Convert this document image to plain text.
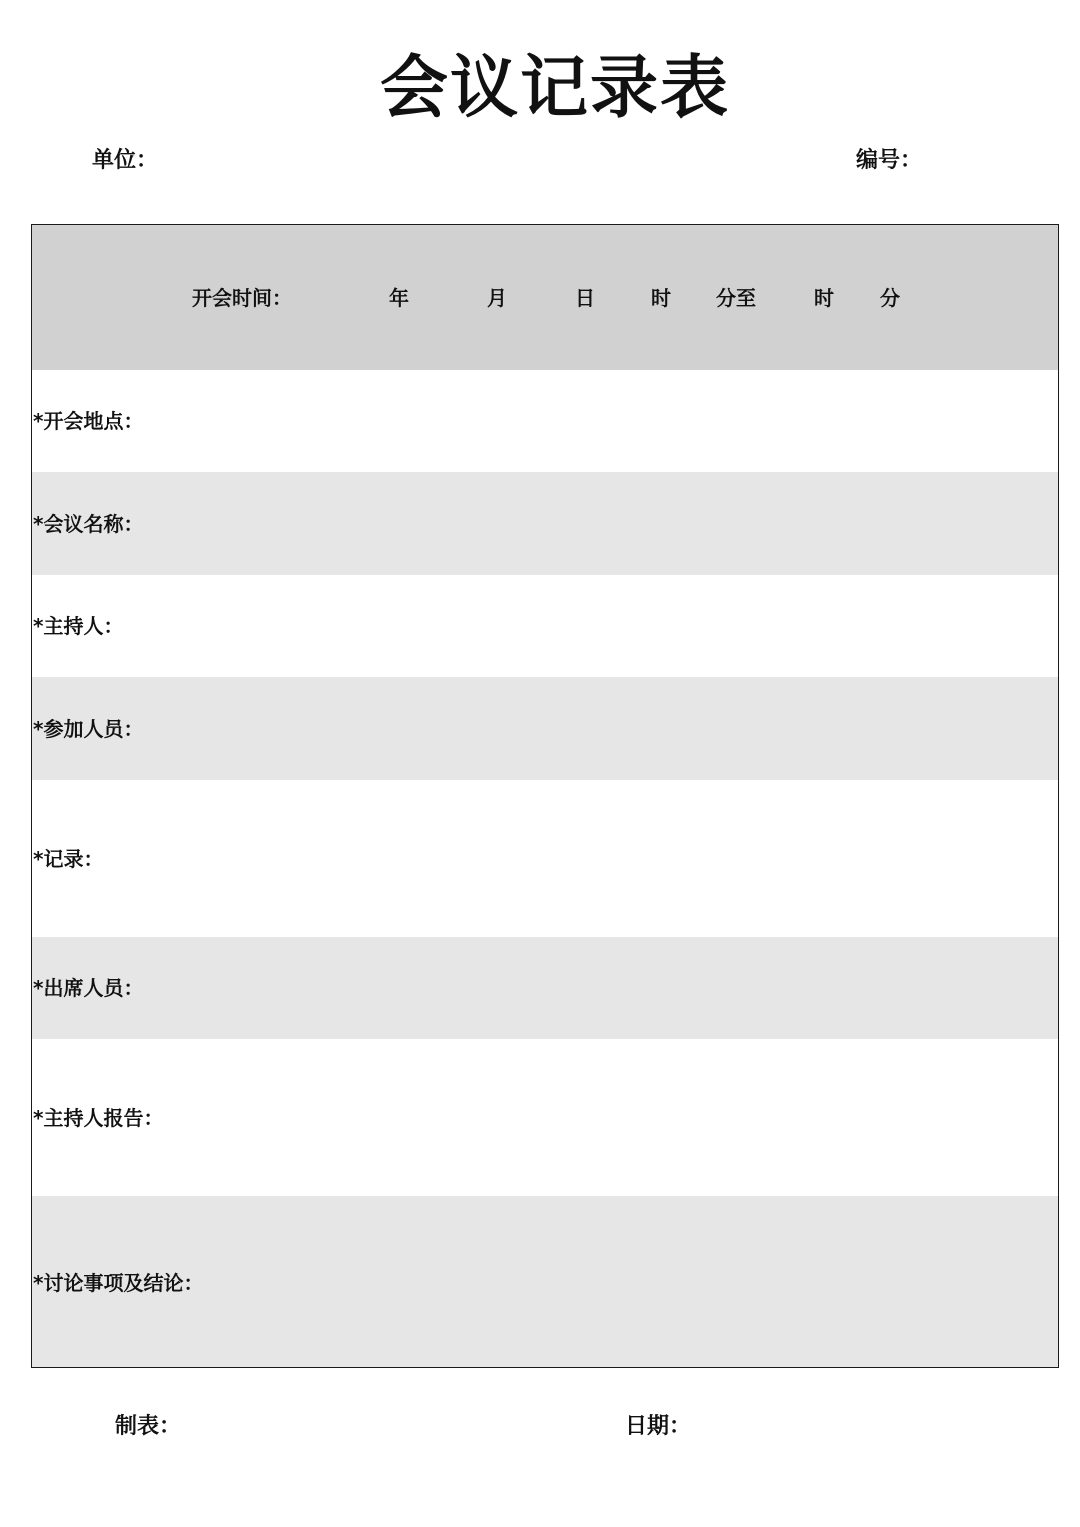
会议记录表
单位：	编号：
开会时间：	年	月	日	时 分至	时 分
*开会地点：
*会议名称：
*主持人：
*参加人员：
*记录：
*出席人员：
*主持人报告：
*讨论事项及结论：
制表：	日期：
